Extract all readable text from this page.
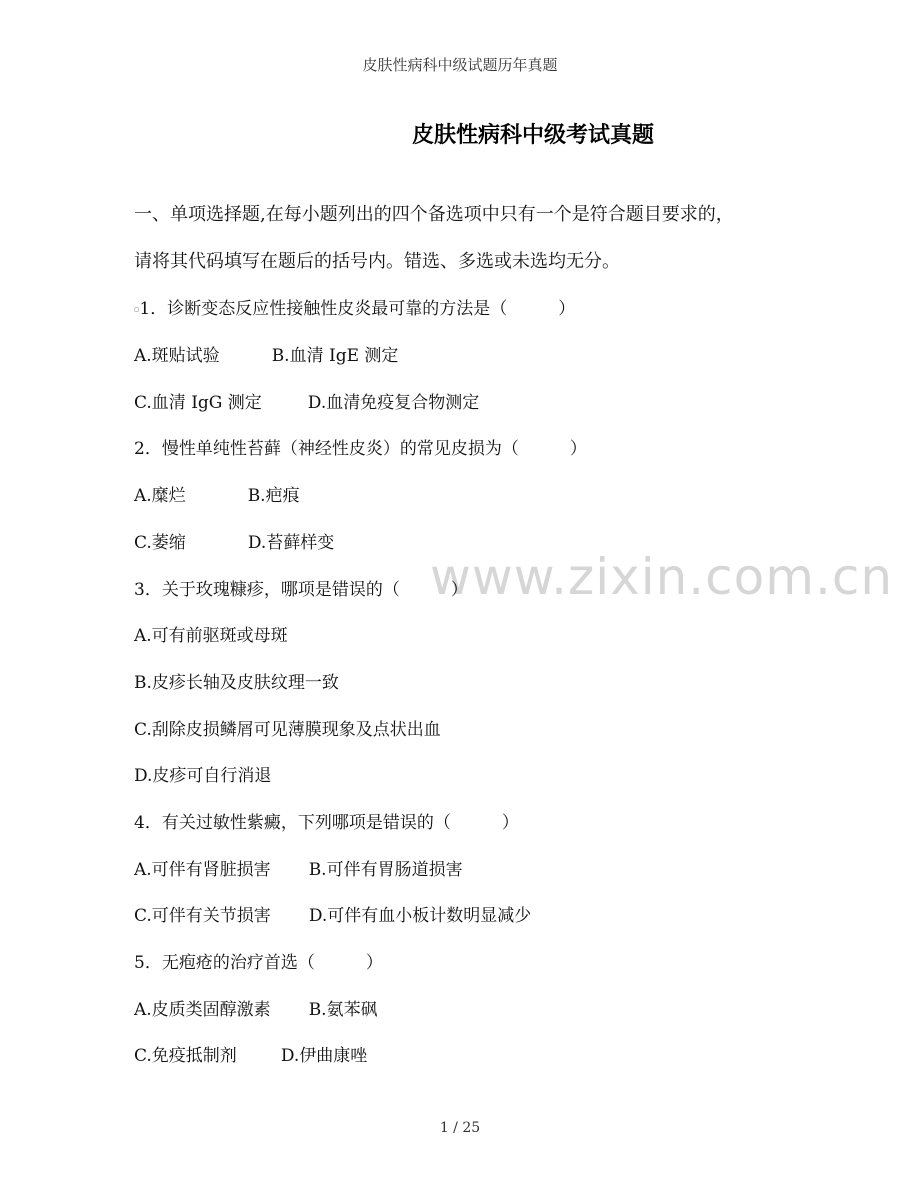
皮肤性病科中级试题历年真题
皮肤性病科中级考试真题
www.zixin.com.cn
一、单项选择题,在每小题列出的四个备选项中只有一个是符合题目要求的，
请将其代码填写在题后的括号内。错选、多选或未选均无分。
▫1．诊断变态反应性接触性皮炎最可靠的方法是（　　　）
A.斑贴试验	B.血清 IgE 测定
C.血清 IgG 测定	D.血清免疫复合物测定
2．慢性单纯性苔藓（神经性皮炎）的常见皮损为（　　　）
A.糜烂	B.疤痕
C.萎缩	D.苔藓样变
3．关于玫瑰糠疹，哪项是错误的（　　　）
A.可有前驱斑或母斑
B.皮疹长轴及皮肤纹理一致
C.刮除皮损鳞屑可见薄膜现象及点状出血
D.皮疹可自行消退
4．有关过敏性紫癜，下列哪项是错误的（　　　）
A.可伴有肾脏损害 B.可伴有胃肠道损害
C.可伴有关节损害 D.可伴有血小板计数明显减少
5．无疱疮的治疗首选（　　　）
A.皮质类固醇激素 B.氨苯砜
C.免疫抵制剂	D.伊曲康唑
1 / 25
